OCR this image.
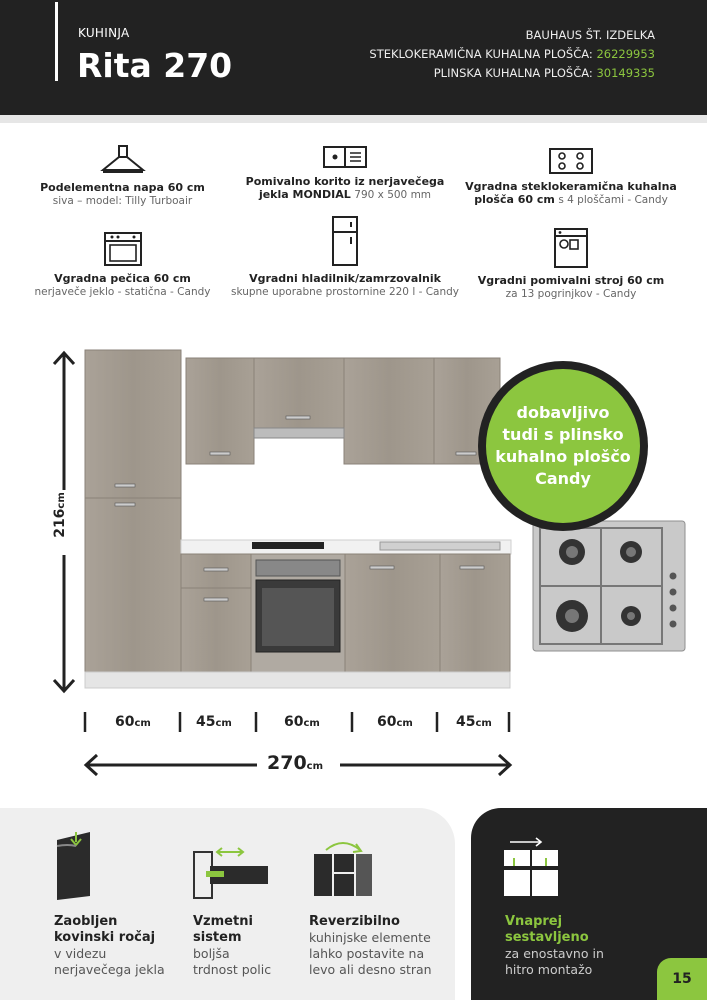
KUHINJA
Rita 270
BAUHAUS ŠT. IZDELKA
STEKLOKERAMIČNA KUHALNA PLOŠČA: 26229953
PLINSKA KUHALNA PLOŠČA: 30149335
Podelementna napa 60 cm
siva – model: Tilly Turboair
Pomivalno korito iz nerjavečega
jekla MONDIAL 790 x 500 mm
Vgradna steklokeramična kuhalna
plošča 60 cm s 4 ploščami - Candy
Vgradna pečica 60 cm
nerjaveče jeklo - statična - Candy
Vgradni hladilnik/zamrzovalnik
skupne uporabne prostornine 220 l - Candy
Vgradni pomivalni stroj 60 cm
za 13 pogrinjkov - Candy
216cm
60cm	45cm	60cm	60cm	45cm
270cm
dobavljivo
tudi s plinsko
kuhalno ploščo
Candy
Zaobljen
kovinski ročaj
v videzu
nerjavečega jekla
Vzmetni
sistem
boljša
trdnost polic
Reverzibilno
kuhinjske elemente
lahko postavite na
levo ali desno stran
Vnaprej
sestavljeno
za enostavno in
hitro montažo
15
